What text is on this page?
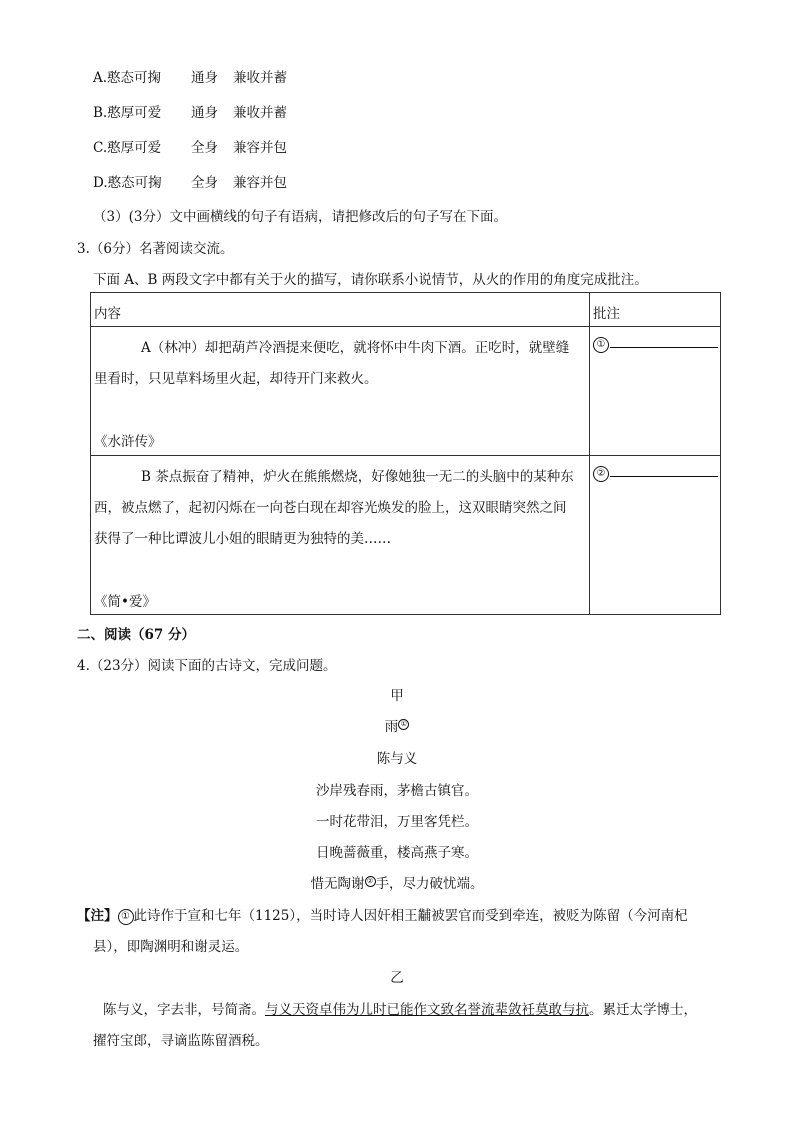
A.憨态可掬 通身 兼收并蓄
B.憨厚可爱 通身 兼收并蓄
C.憨厚可爱 全身 兼容并包
D.憨态可掬 全身 兼容并包
（3）(3分）文中画横线的句子有语病，请把修改后的句子写在下面。
3.（6分）名著阅读交流。
下面 A、B 两段文字中都有关于火的描写，请你联系小说情节，从火的作用的角度完成批注。
内容	批注

A（林冲）却把葫芦冷酒提来便吃，就将怀中牛肉下酒。正吃时，就壁缝
里看时，只见草料场里火起，却待开门来救火。
《水浒传》	①

B 茶点振奋了精神，炉火在熊熊燃烧，好像她独一无二的头脑中的某种东
西，被点燃了，起初闪烁在一向苍白现在却容光焕发的脸上，这双眼睛突然之间
获得了一种比谭波儿小姐的眼睛更为独特的美……
《简•爱》	②
二、阅读（67 分）
4.（23分）阅读下面的古诗文，完成问题。
甲
雨 ①
陈与义
沙岸残春雨，茅檐古镇官。
一时花带泪，万里客凭栏。
日晚蔷薇重，楼高燕子寒。
惜无陶谢 ② 手，尽力破忧端。
【注】 ① 此诗作于宣和七年（1125），当时诗人因奸相王黼被罢官而受到牵连，被贬为陈留（今河南杞
县），即陶渊明和谢灵运。
乙
陈与义，字去非，号简斋。与义天资卓伟为儿时已能作文致名誉流辈敛衽莫敢与抗。累迁太学博士，
擢符宝郎，寻谪监陈留酒税。
